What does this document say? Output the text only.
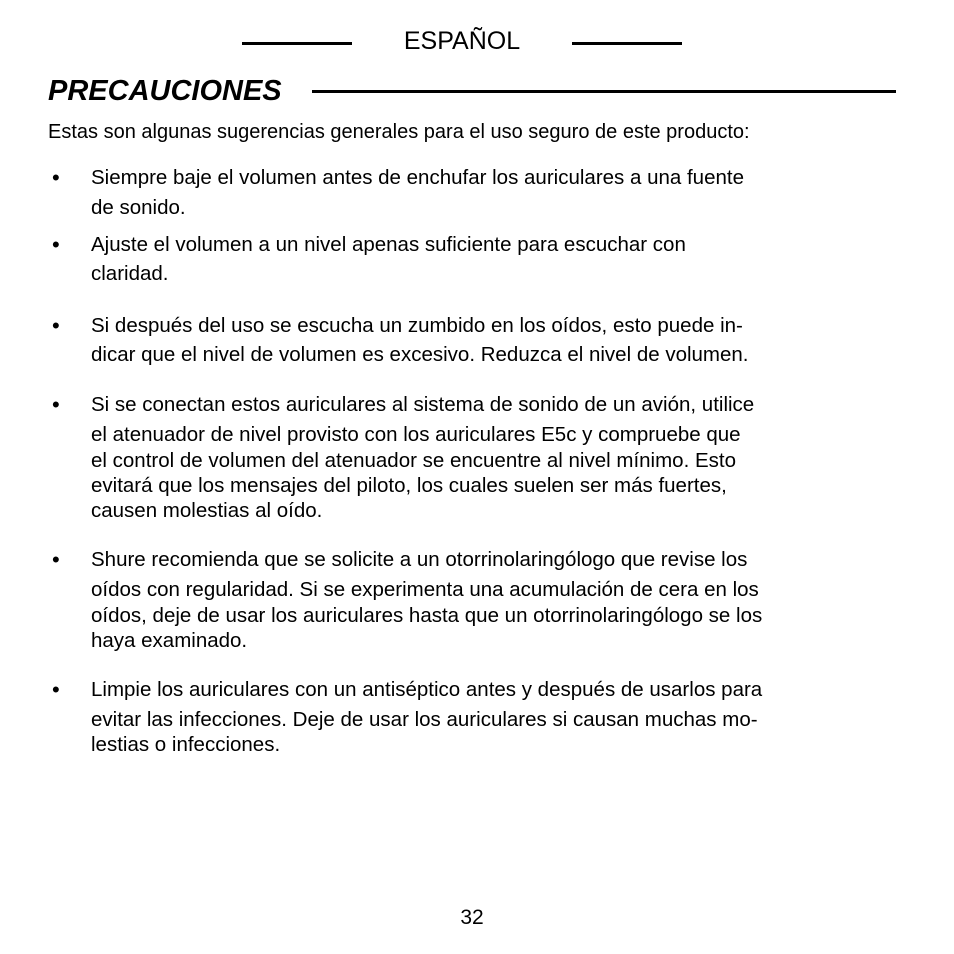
ESPAÑOL
PRECAUCIONES
Estas son algunas sugerencias generales para el uso seguro de este producto:
• Siempre baje el volumen antes de enchufar los auriculares a una fuente
de sonido.
• Ajuste el volumen a un nivel apenas suficiente para escuchar con
claridad.
• Si después del uso se escucha un zumbido en los oídos, esto puede in-
dicar que el nivel de volumen es excesivo. Reduzca el nivel de volumen.
• Si se conectan estos auriculares al sistema de sonido de un avión, utilice
el atenuador de nivel provisto con los auriculares E5c y compruebe que
el control de volumen del atenuador se encuentre al nivel mínimo. Esto
evitará que los mensajes del piloto, los cuales suelen ser más fuertes,
causen molestias al oído.
• Shure recomienda que se solicite a un otorrinolaringólogo que revise los
oídos con regularidad. Si se experimenta una acumulación de cera en los
oídos, deje de usar los auriculares hasta que un otorrinolaringólogo se los
haya examinado.
• Limpie los auriculares con un antiséptico antes y después de usarlos para
evitar las infecciones. Deje de usar los auriculares si causan muchas mo-
lestias o infecciones.
32
